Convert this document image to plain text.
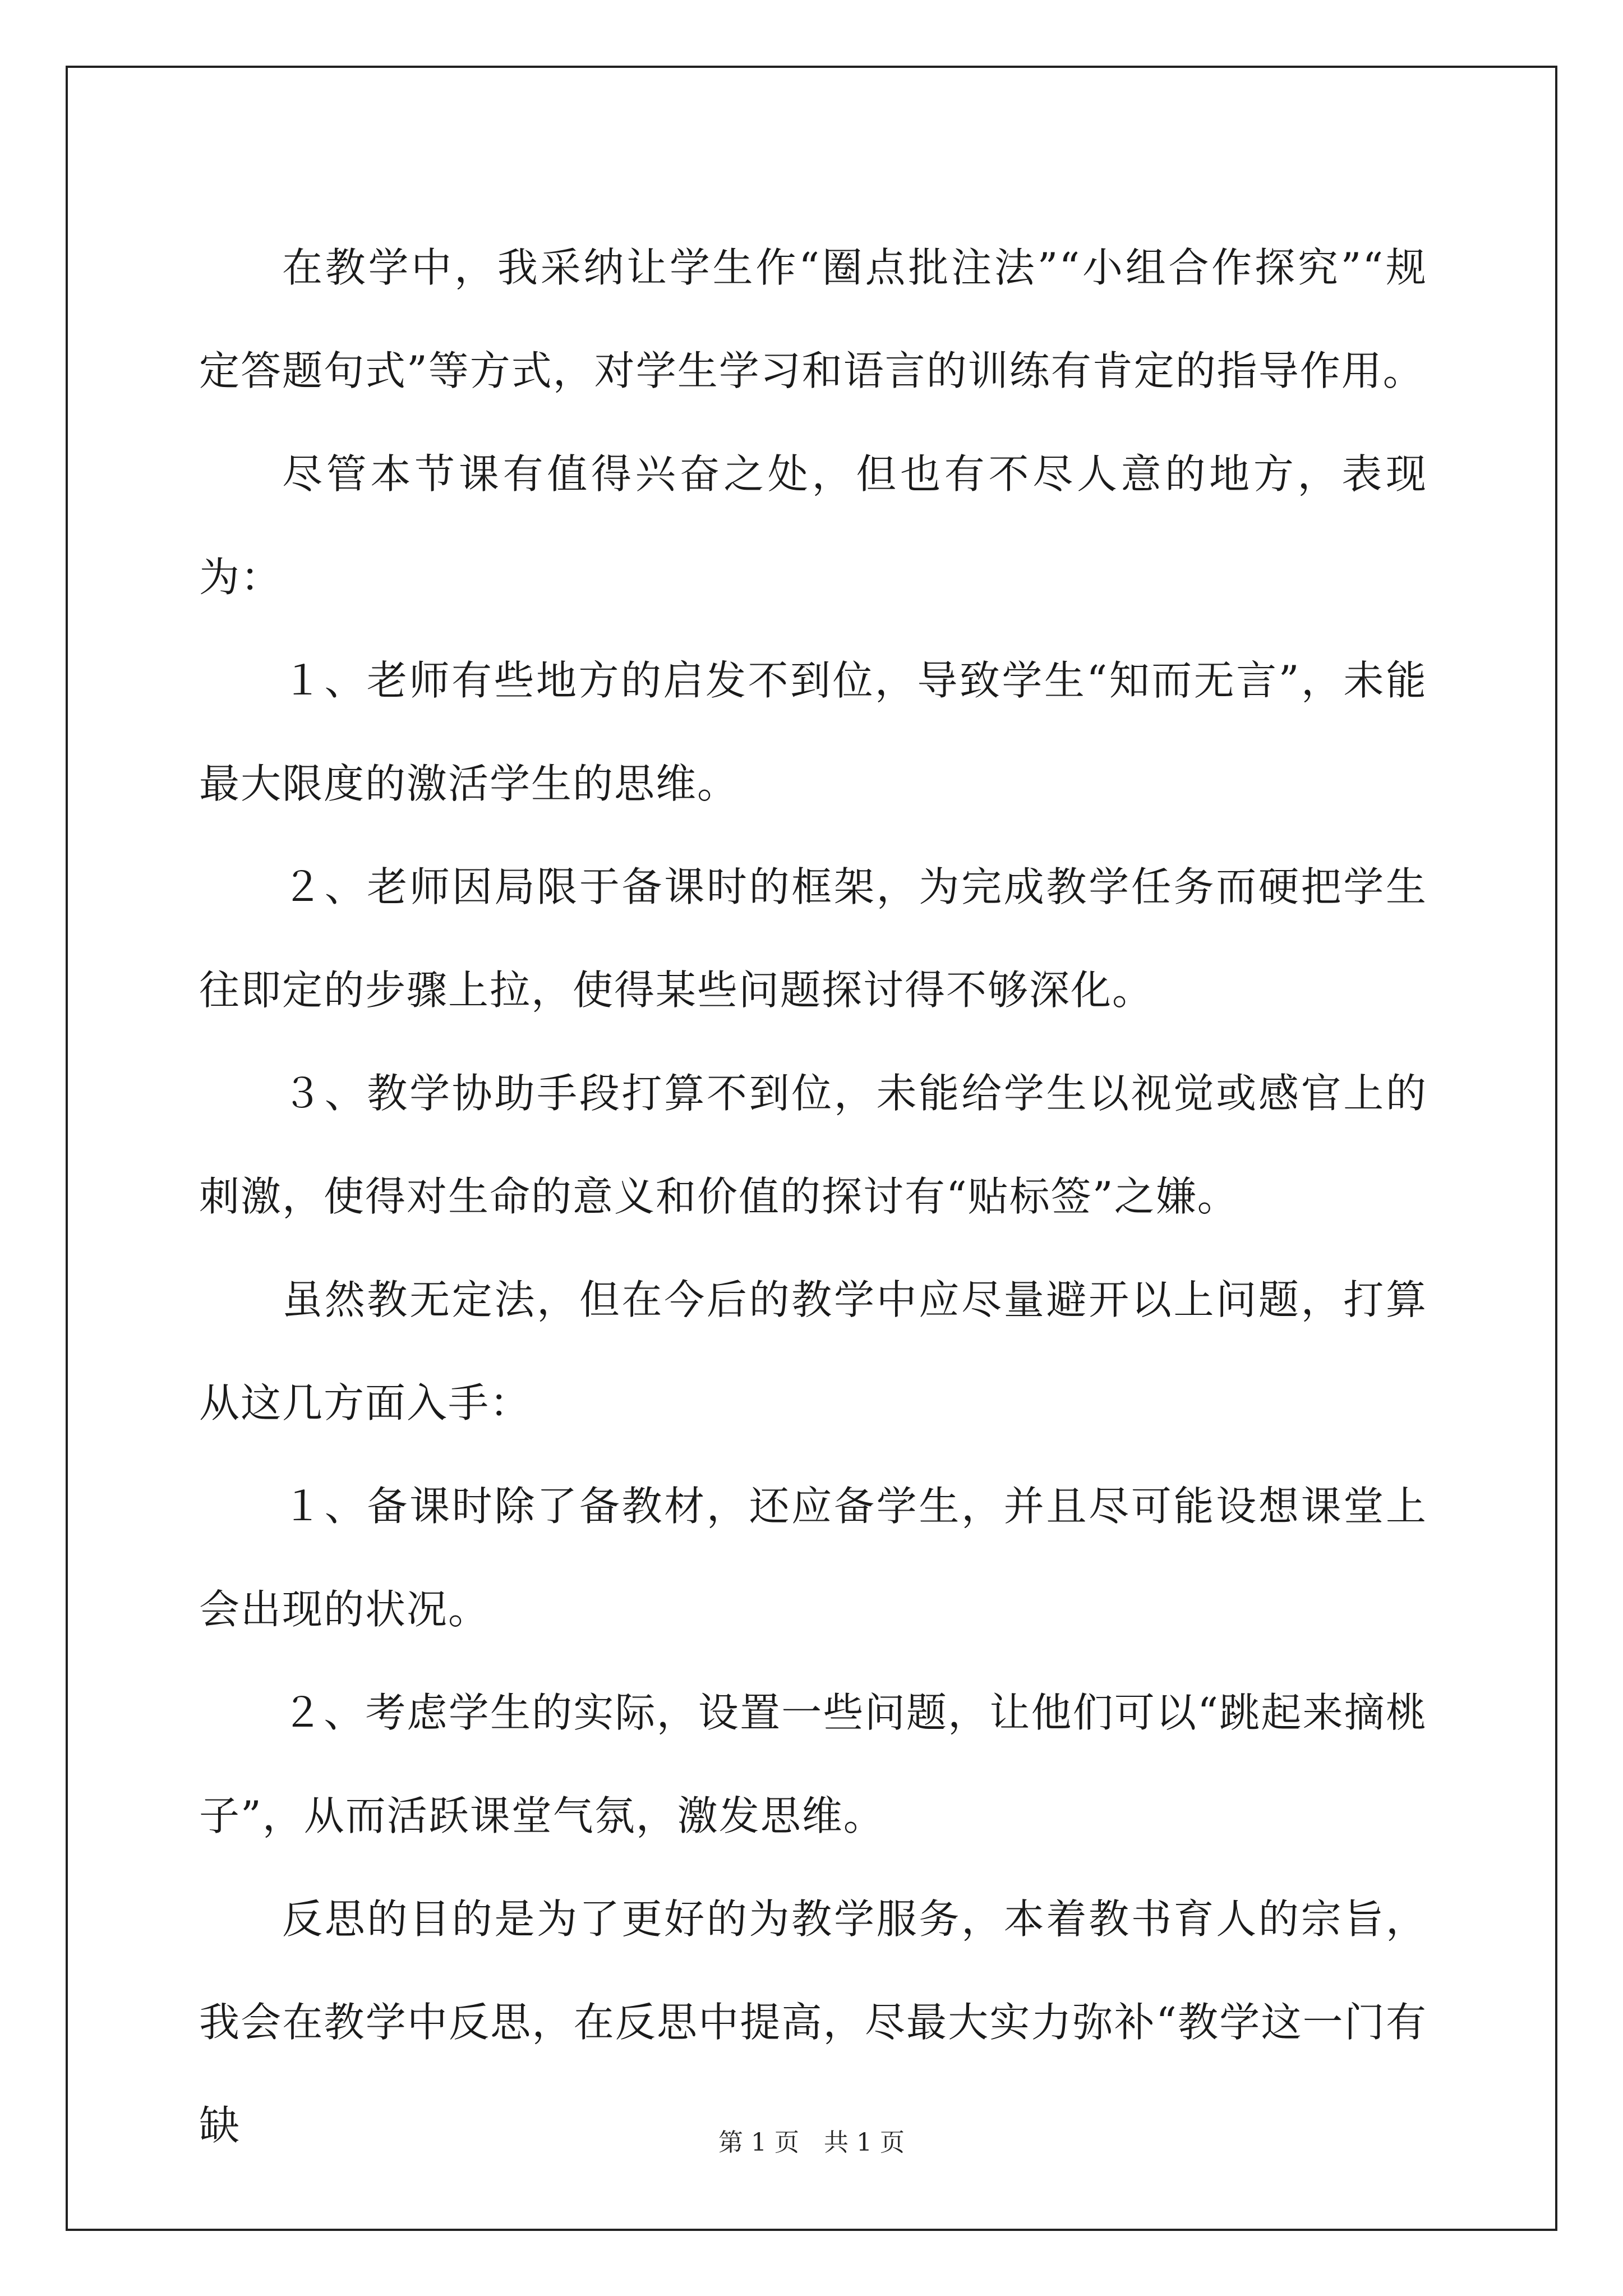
在教学中，我采纳让学生作“圈点批注法”“小组合作探究”“规定答题句式”等方式，对学生学习和语言的训练有肯定的指导作用。

尽管本节课有值得兴奋之处，但也有不尽人意的地方，表现为：

１、老师有些地方的启发不到位，导致学生“知而无言”，未能最大限度的激活学生的思维。

２、老师因局限于备课时的框架，为完成教学任务而硬把学生往即定的步骤上拉，使得某些问题探讨得不够深化。

３、教学协助手段打算不到位，未能给学生以视觉或感官上的刺激，使得对生命的意义和价值的探讨有“贴标签”之嫌。

虽然教无定法，但在今后的教学中应尽量避开以上问题，打算从这几方面入手：

１、备课时除了备教材，还应备学生，并且尽可能设想课堂上会出现的状况。

２、考虑学生的实际，设置一些问题，让他们可以“跳起来摘桃子”，从而活跃课堂气氛，激发思维。

反思的目的是为了更好的为教学服务，本着教书育人的宗旨，我会在教学中反思，在反思中提高，尽最大实力弥补“教学这一门有缺	第 1 页　共 1 页
